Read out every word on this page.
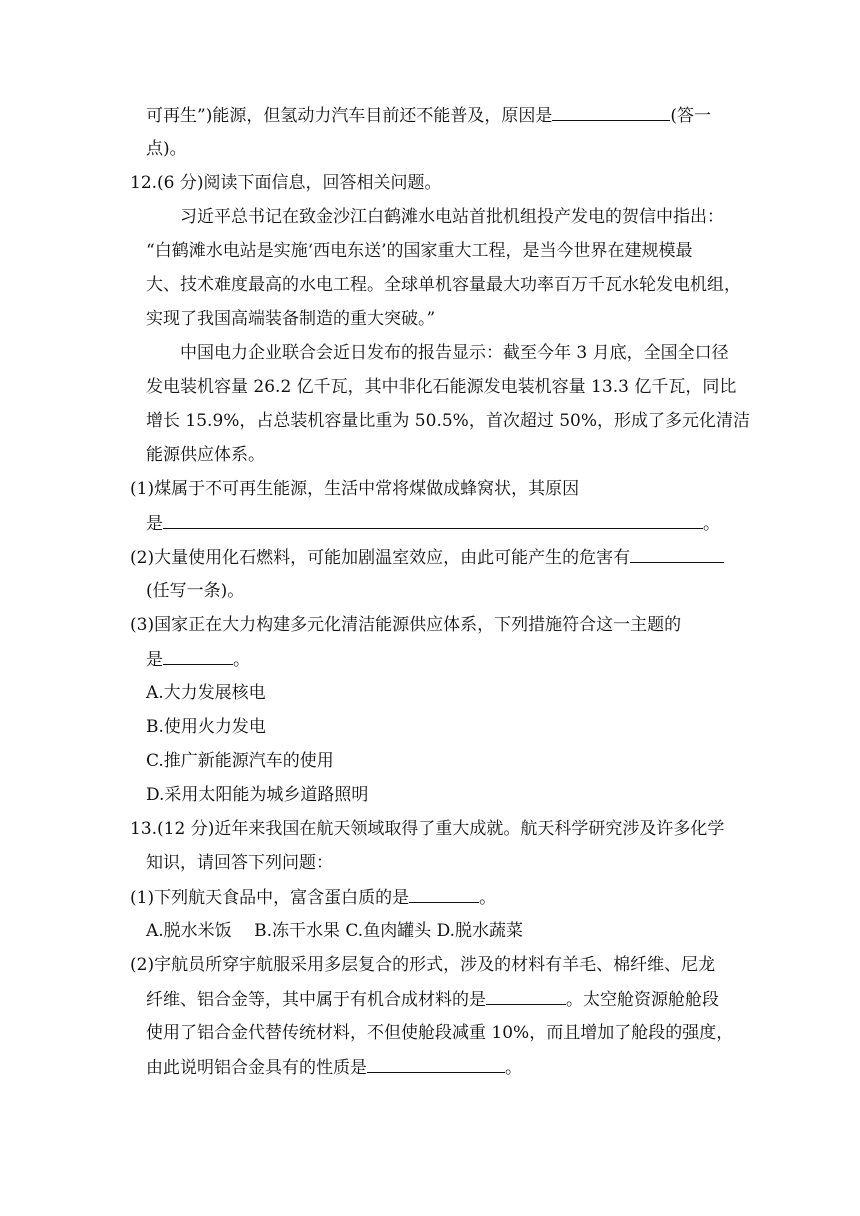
可再生”)能源，但氢动力汽车目前还不能普及，原因是	(答一
点)。
12.(6 分)阅读下面信息，回答相关问题。
习近平总书记在致金沙江白鹤滩水电站首批机组投产发电的贺信中指出：
“白鹤滩水电站是实施‘西电东送’的国家重大工程，是当今世界在建规模最
大、技术难度最高的水电工程。全球单机容量最大功率百万千瓦水轮发电机组，
实现了我国高端装备制造的重大突破。”
中国电力企业联合会近日发布的报告显示：截至今年 3 月底，全国全口径
发电装机容量 26.2 亿千瓦，其中非化石能源发电装机容量 13.3 亿千瓦，同比
增长 15.9%，占总装机容量比重为 50.5%，首次超过 50%，形成了多元化清洁
能源供应体系。
(1)煤属于不可再生能源，生活中常将煤做成蜂窝状，其原因
是	。
(2)大量使用化石燃料，可能加剧温室效应，由此可能产生的危害有
(任写一条)。
(3)国家正在大力构建多元化清洁能源供应体系，下列措施符合这一主题的
是	。
A.大力发展核电
B.使用火力发电
C.推广新能源汽车的使用
D.采用太阳能为城乡道路照明
13.(12 分)近年来我国在航天领域取得了重大成就。航天科学研究涉及许多化学
知识，请回答下列问题：
(1)下列航天食品中，富含蛋白质的是	。
A.脱水米饭　 B.冻干水果 C.鱼肉罐头 D.脱水蔬菜
(2)宇航员所穿宇航服采用多层复合的形式，涉及的材料有羊毛、棉纤维、尼龙
纤维、铝合金等，其中属于有机合成材料的是	。太空舱资源舱舱段
使用了铝合金代替传统材料，不但使舱段减重 10%，而且增加了舱段的强度，
由此说明铝合金具有的性质是	。
